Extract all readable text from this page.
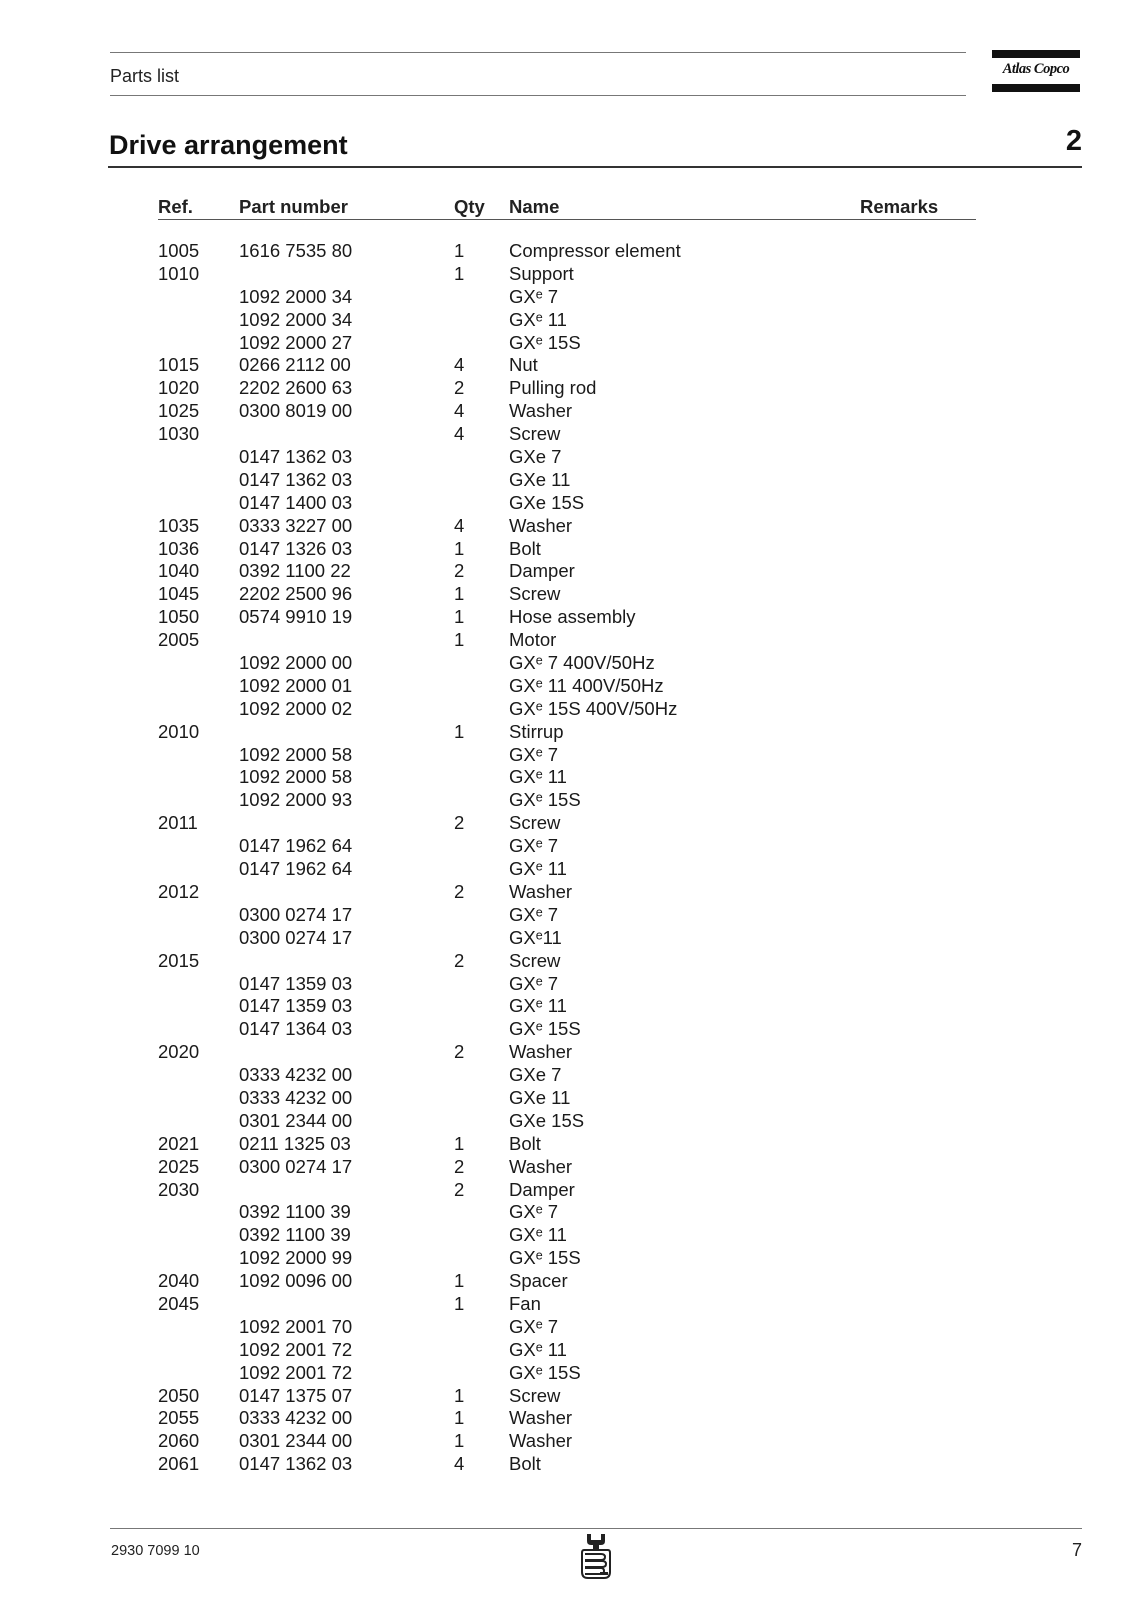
Parts list	Atlas Copco
Drive arrangement	2
Ref. Part number	Qty Name	Remarks
1005 1616 7535 80	1 Compressor element
1010	1 Support
1092 2000 34	GXᵉ 7
1092 2000 34	GXᵉ 11
1092 2000 27	GXᵉ 15S
1015 0266 2112 00	4 Nut
1020 2202 2600 63	2 Pulling rod
1025 0300 8019 00	4 Washer
1030	4 Screw
0147 1362 03	GXe 7
0147 1362 03	GXe 11
0147 1400 03	GXe 15S
1035 0333 3227 00	4 Washer
1036 0147 1326 03	1 Bolt
1040 0392 1100 22	2 Damper
1045 2202 2500 96	1 Screw
1050 0574 9910 19	1 Hose assembly
2005	1 Motor
1092 2000 00	GXᵉ 7 400V/50Hz
1092 2000 01	GXᵉ 11 400V/50Hz
1092 2000 02	GXᵉ 15S 400V/50Hz
2010	1 Stirrup
1092 2000 58	GXᵉ 7
1092 2000 58	GXᵉ 11
1092 2000 93	GXᵉ 15S
2011	2 Screw
0147 1962 64	GXᵉ 7
0147 1962 64	GXᵉ 11
2012	2 Washer
0300 0274 17	GXᵉ 7
0300 0274 17	GXᵉ11
2015	2 Screw
0147 1359 03	GXᵉ 7
0147 1359 03	GXᵉ 11
0147 1364 03	GXᵉ 15S
2020	2 Washer
0333 4232 00	GXe 7
0333 4232 00	GXe 11
0301 2344 00	GXe 15S
2021 0211 1325 03	1 Bolt
2025 0300 0274 17	2 Washer
2030	2 Damper
0392 1100 39	GXᵉ 7
0392 1100 39	GXᵉ 11
1092 2000 99	GXᵉ 15S
2040 1092 0096 00	1 Spacer
2045	1 Fan
1092 2001 70	GXᵉ 7
1092 2001 72	GXᵉ 11
1092 2001 72	GXᵉ 15S
2050 0147 1375 07	1 Screw
2055 0333 4232 00	1 Washer
2060 0301 2344 00	1 Washer
2061 0147 1362 03	4 Bolt
2930 7099 10	7
